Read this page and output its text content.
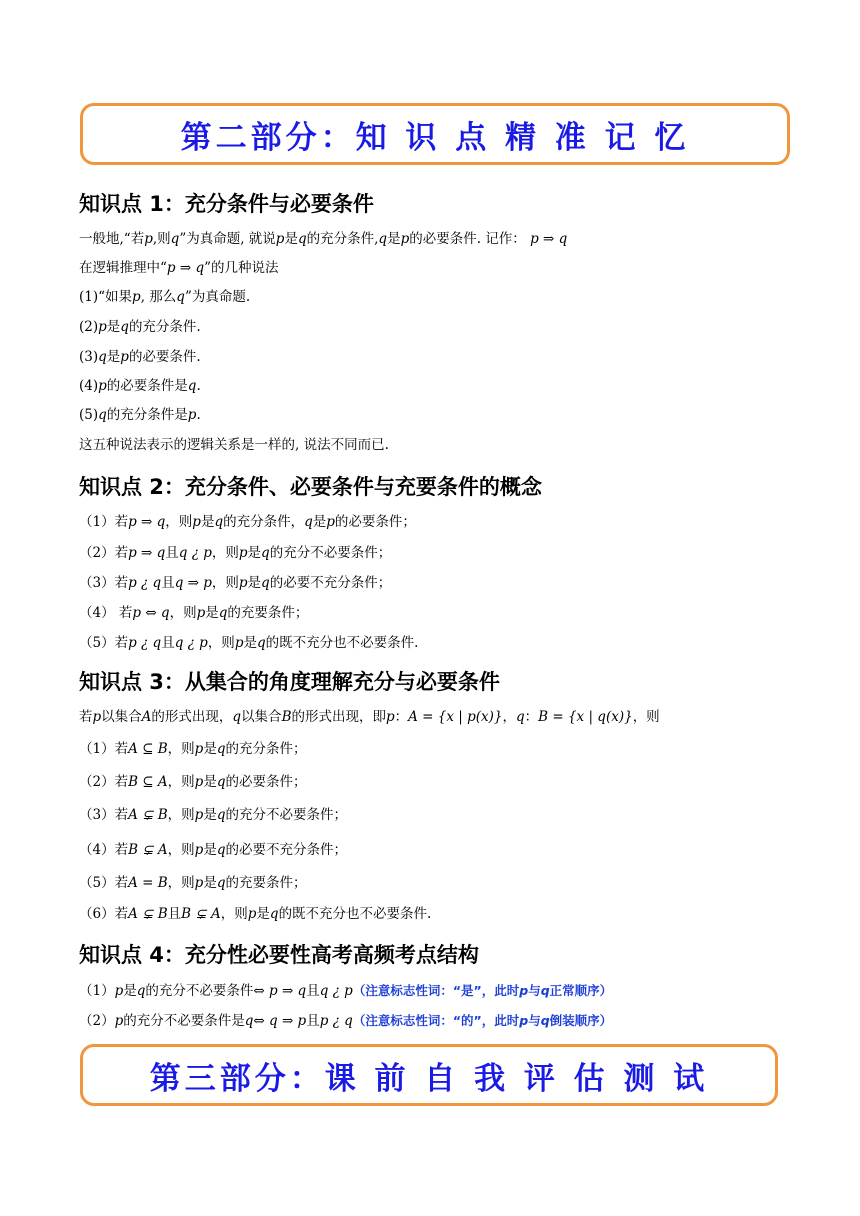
第二部分：知 识 点 精 准 记 忆
知识点 1：充分条件与必要条件
一般地,“若p,则q”为真命题, 就说p是q的充分条件,q是p的必要条件. 记作： p ⇒ q
在逻辑推理中“p ⇒ q”的几种说法
(1)“如果p, 那么q”为真命题.
(2)p是q的充分条件.
(3)q是p的必要条件.
(4)p的必要条件是q.
(5)q的充分条件是p.
这五种说法表示的逻辑关系是一样的, 说法不同而已.
知识点 2：充分条件、必要条件与充要条件的概念
（1）若p ⇒ q，则p是q的充分条件，q是p的必要条件；
（2）若p ⇒ q且q ¿ p，则p是q的充分不必要条件；
（3）若p ¿ q且q ⇒ p，则p是q的必要不充分条件；
（4） 若p ⇔ q，则p是q的充要条件；
（5）若p ¿ q且q ¿ p，则p是q的既不充分也不必要条件.
知识点 3：从集合的角度理解充分与必要条件
若p以集合A的形式出现，q以集合B的形式出现，即p：A = {x | p(x)}，q：B = {x | q(x)}，则
（1）若A ⊆ B，则p是q的充分条件；
（2）若B ⊆ A，则p是q的必要条件；
（3）若A ⊊ B，则p是q的充分不必要条件；
（4）若B ⊊ A，则p是q的必要不充分条件；
（5）若A = B，则p是q的充要条件；
（6）若A ⊊ B且B ⊊ A，则p是q的既不充分也不必要条件.
知识点 4：充分性必要性高考高频考点结构
（1）p是q的充分不必要条件⇔ p ⇒ q且q ¿ p（注意标志性词：“是”，此时p与q正常顺序）
（2）p的充分不必要条件是q⇔ q ⇒ p且p ¿ q（注意标志性词：“的”，此时p与q倒装顺序）
第三部分：课 前 自 我 评 估 测 试
